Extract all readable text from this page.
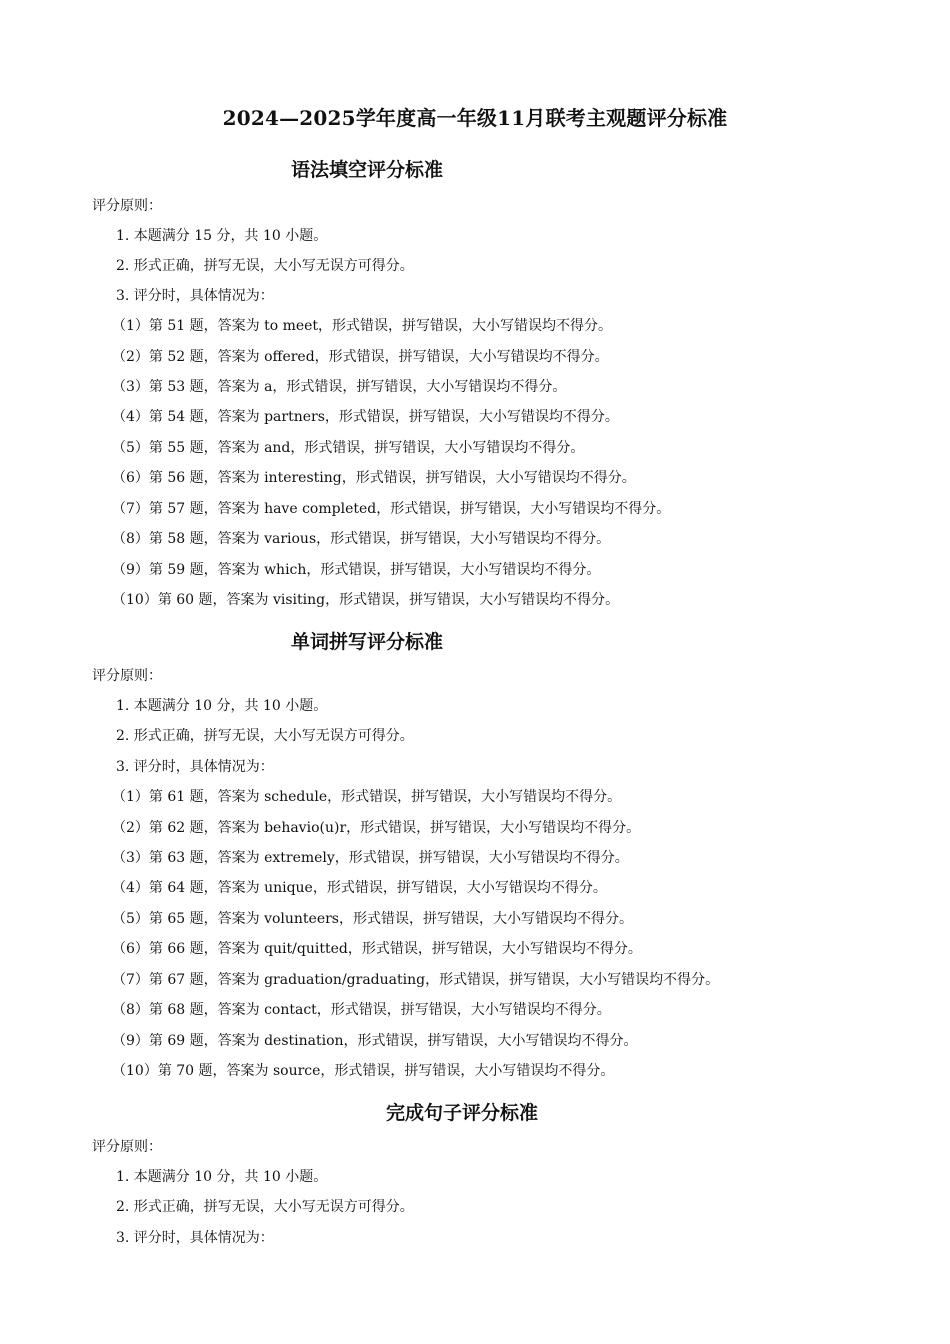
2024—2025学年度高一年级11月联考主观题评分标准
语法填空评分标准
评分原则：
1. 本题满分 15 分，共 10 小题。
2. 形式正确，拼写无误，大小写无误方可得分。
3. 评分时，具体情况为：
（1）第 51 题，答案为 to meet，形式错误，拼写错误，大小写错误均不得分。
（2）第 52 题，答案为 offered，形式错误，拼写错误，大小写错误均不得分。
（3）第 53 题，答案为 a，形式错误，拼写错误，大小写错误均不得分。
（4）第 54 题，答案为 partners，形式错误，拼写错误，大小写错误均不得分。
（5）第 55 题，答案为 and，形式错误，拼写错误，大小写错误均不得分。
（6）第 56 题，答案为 interesting，形式错误，拼写错误，大小写错误均不得分。
（7）第 57 题，答案为 have completed，形式错误，拼写错误，大小写错误均不得分。
（8）第 58 题，答案为 various，形式错误，拼写错误，大小写错误均不得分。
（9）第 59 题，答案为 which，形式错误，拼写错误，大小写错误均不得分。
（10）第 60 题，答案为 visiting，形式错误，拼写错误，大小写错误均不得分。
单词拼写评分标准
评分原则：
1. 本题满分 10 分，共 10 小题。
2. 形式正确，拼写无误，大小写无误方可得分。
3. 评分时，具体情况为：
（1）第 61 题，答案为 schedule，形式错误，拼写错误，大小写错误均不得分。
（2）第 62 题，答案为 behavio(u)r，形式错误，拼写错误，大小写错误均不得分。
（3）第 63 题，答案为 extremely，形式错误，拼写错误，大小写错误均不得分。
（4）第 64 题，答案为 unique，形式错误，拼写错误，大小写错误均不得分。
（5）第 65 题，答案为 volunteers，形式错误，拼写错误，大小写错误均不得分。
（6）第 66 题，答案为 quit/quitted，形式错误，拼写错误，大小写错误均不得分。
（7）第 67 题，答案为 graduation/graduating，形式错误，拼写错误，大小写错误均不得分。
（8）第 68 题，答案为 contact，形式错误，拼写错误，大小写错误均不得分。
（9）第 69 题，答案为 destination，形式错误，拼写错误，大小写错误均不得分。
（10）第 70 题，答案为 source，形式错误，拼写错误，大小写错误均不得分。
完成句子评分标准
评分原则：
1. 本题满分 10 分，共 10 小题。
2. 形式正确，拼写无误，大小写无误方可得分。
3. 评分时，具体情况为：
